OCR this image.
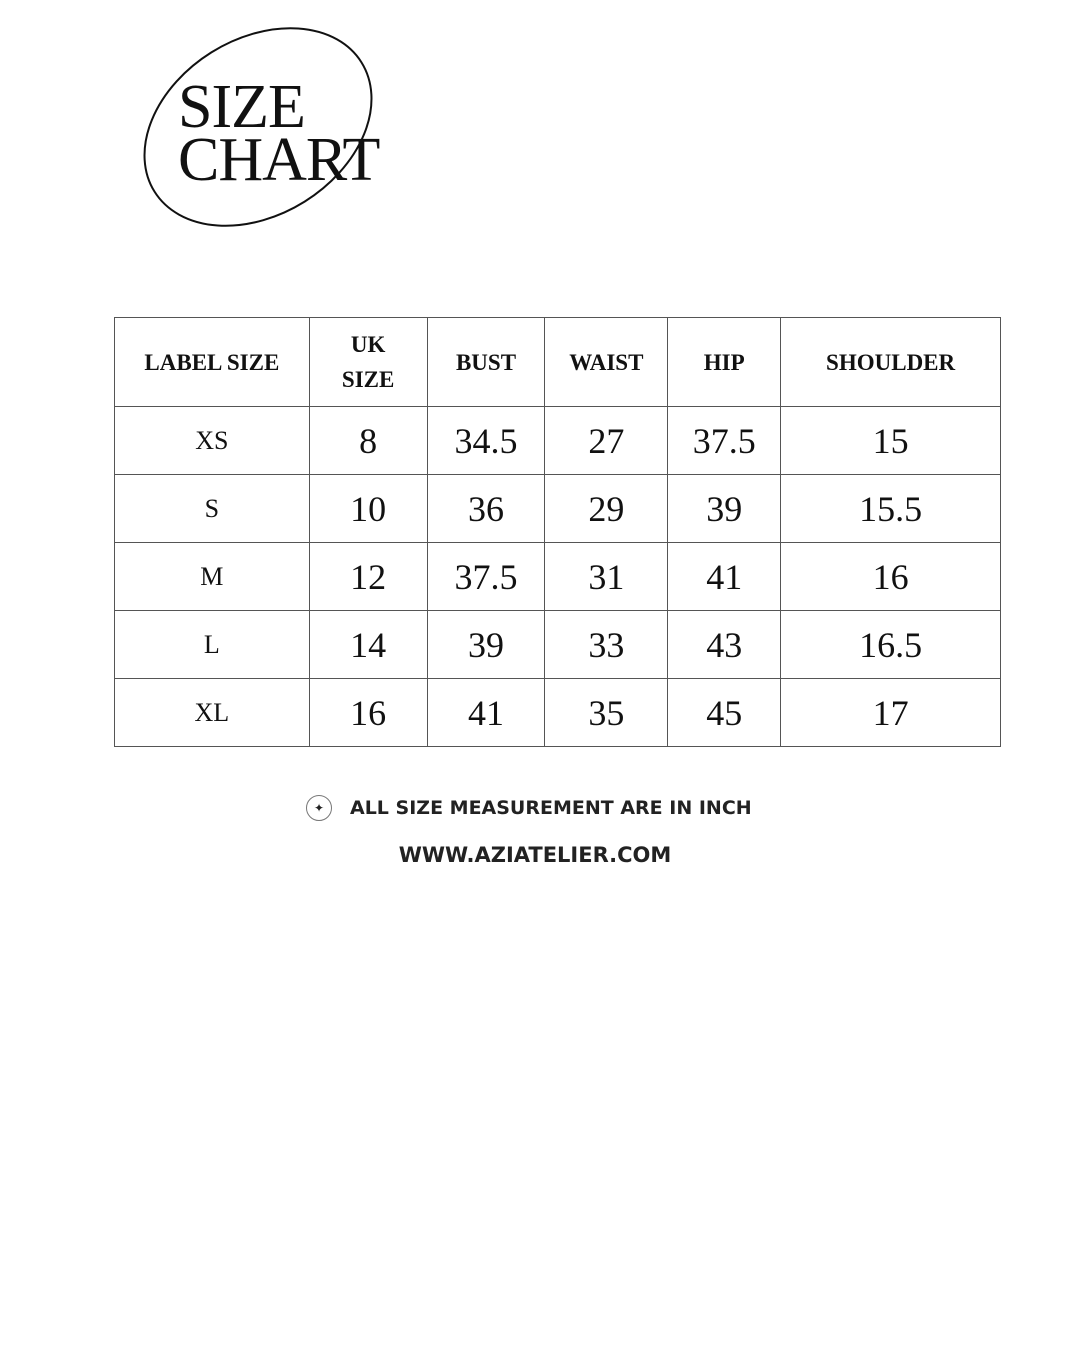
SIZE
CHART
LABEL SIZE	UK SIZE	BUST	WAIST	HIP	SHOULDER
XS	8	34.5	27	37.5	15
S	10	36	29	39	15.5
M	12	37.5	31	41	16
L	14	39	33	43	16.5
XL	16	41	35	45	17
✦	ALL SIZE MEASUREMENT ARE IN INCH
WWW.AZIATELIER.COM
